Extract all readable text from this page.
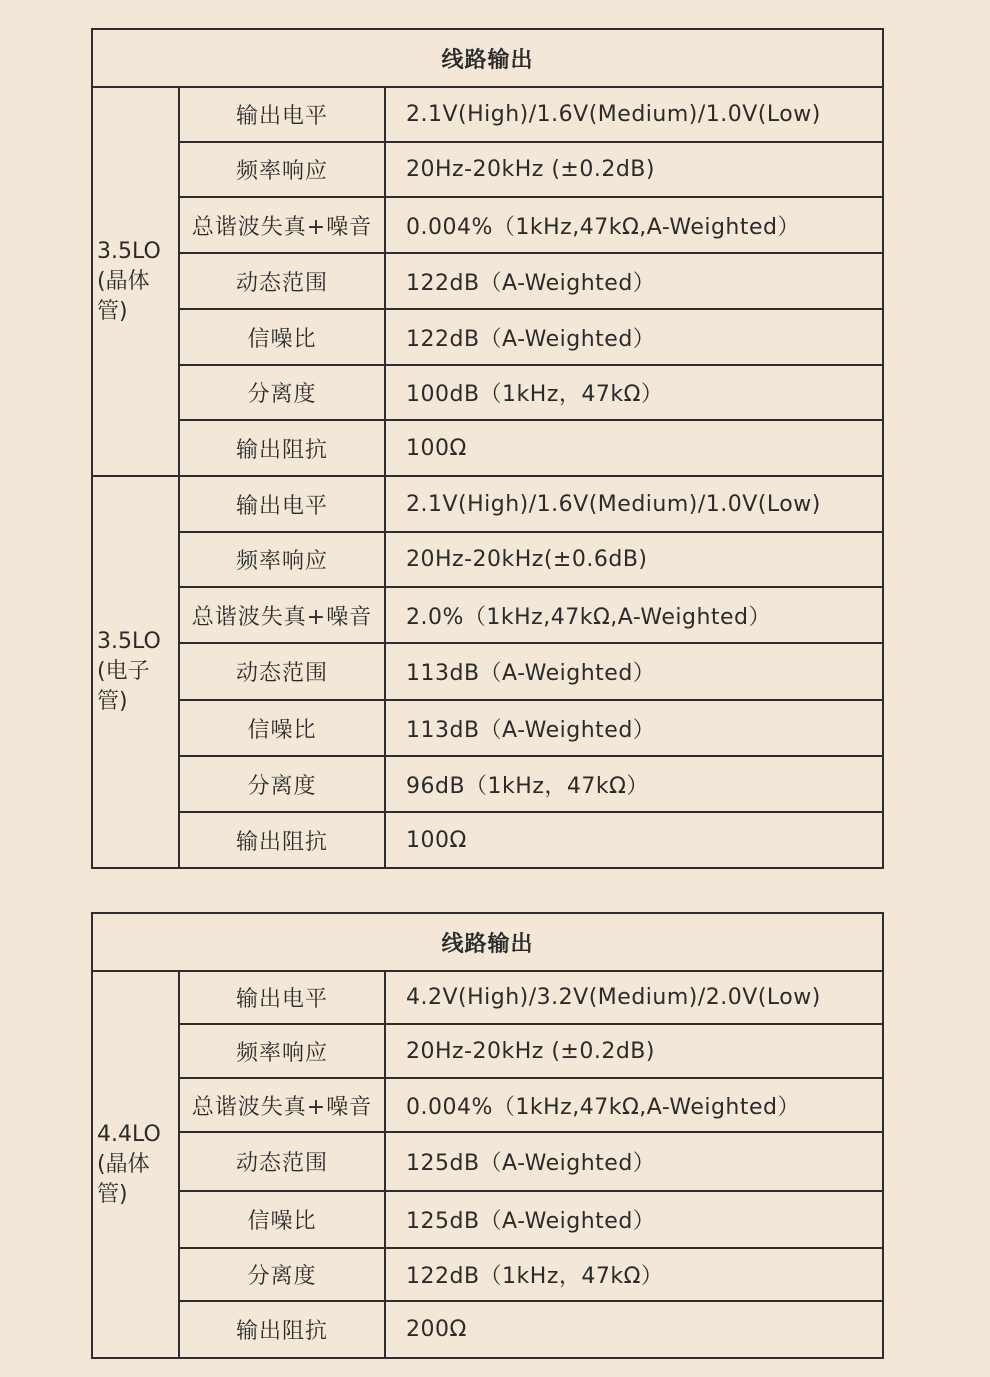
线路输出		
3.5LO
(晶体
管)	输出电平	2.1V(High)/1.6V(Medium)/1.0V(Low)
	频率响应	20Hz-20kHz (±0.2dB)
	总谐波失真+噪音	0.004%（1kHz,47kΩ,A-Weighted）
	动态范围	122dB（A-Weighted）
	信噪比	122dB（A-Weighted）
	分离度	100dB（1kHz，47kΩ）
	输出阻抗	100Ω
3.5LO
(电子
管)	输出电平	2.1V(High)/1.6V(Medium)/1.0V(Low)
	频率响应	20Hz-20kHz(±0.6dB)
	总谐波失真+噪音	2.0%（1kHz,47kΩ,A-Weighted）
	动态范围	113dB（A-Weighted）
	信噪比	113dB（A-Weighted）
	分离度	96dB（1kHz，47kΩ）
	输出阻抗	100Ω
线路输出		
4.4LO
(晶体
管)	输出电平	4.2V(High)/3.2V(Medium)/2.0V(Low)
	频率响应	20Hz-20kHz (±0.2dB)
	总谐波失真+噪音	0.004%（1kHz,47kΩ,A-Weighted）
	动态范围	125dB（A-Weighted）
	信噪比	125dB（A-Weighted）
	分离度	122dB（1kHz，47kΩ）
	输出阻抗	200Ω
